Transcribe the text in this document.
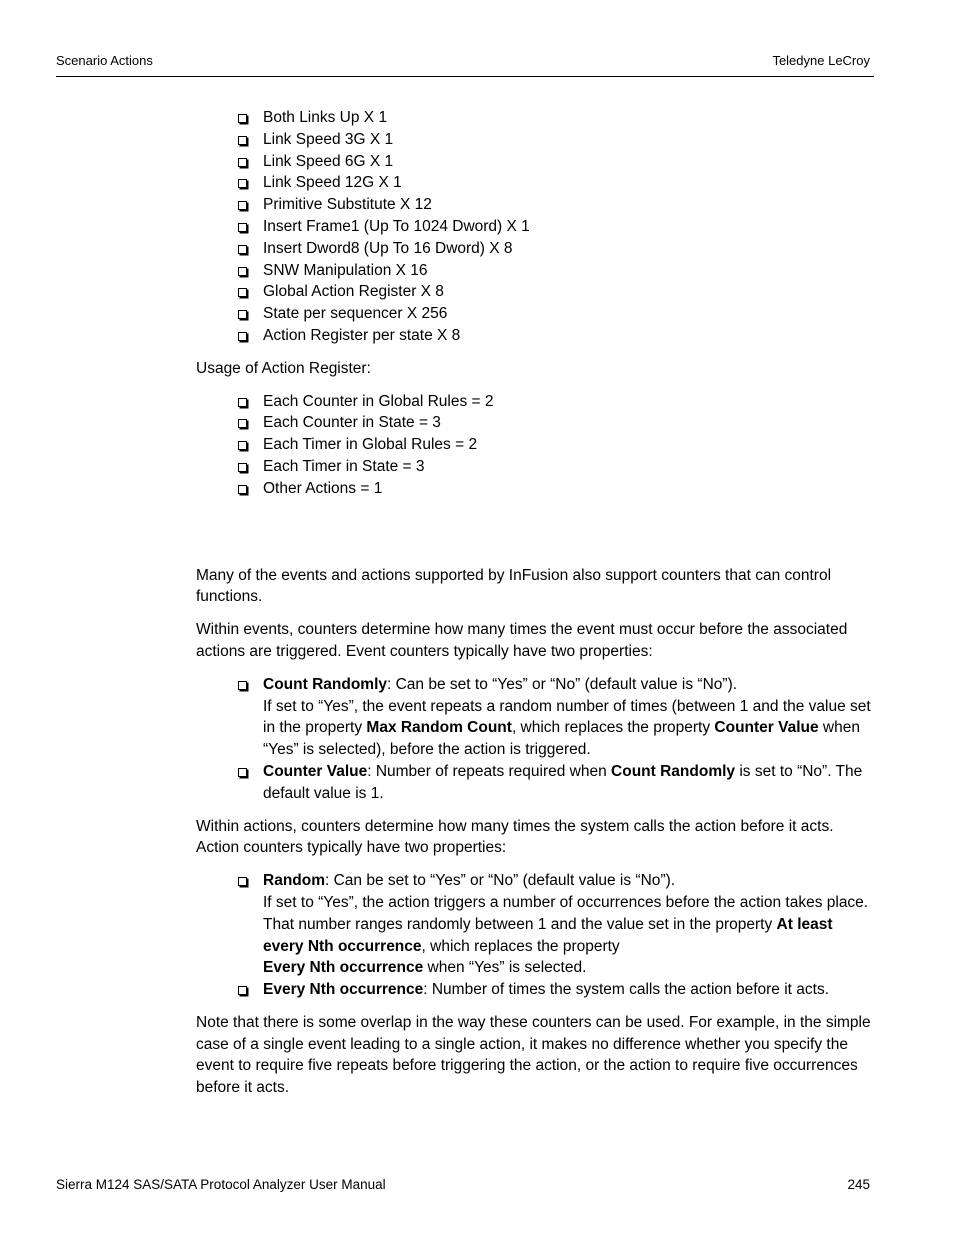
Scenario Actions	Teledyne LeCroy
Both Links Up X 1
Link Speed 3G X 1
Link Speed 6G X 1
Link Speed 12G X 1
Primitive Substitute X 12
Insert Frame1 (Up To 1024 Dword) X 1
Insert Dword8 (Up To 16 Dword) X 8
SNW Manipulation X 16
Global Action Register X 8
State per sequencer X 256
Action Register per state X 8

Usage of Action Register:

Each Counter in Global Rules = 2
Each Counter in State = 3
Each Timer in Global Rules = 2
Each Timer in State = 3
Other Actions = 1

Many of the events and actions supported by InFusion also support counters that can control functions.

Within events, counters determine how many times the event must occur before the associated actions are triggered. Event counters typically have two properties:

Count Randomly: Can be set to “Yes” or “No” (default value is “No”).
If set to “Yes”, the event repeats a random number of times (between 1 and the value set in the property Max Random Count, which replaces the property Counter Value when “Yes” is selected), before the action is triggered.
Counter Value: Number of repeats required when Count Randomly is set to “No”. The default value is 1.

Within actions, counters determine how many times the system calls the action before it acts. Action counters typically have two properties:

Random: Can be set to “Yes” or “No” (default value is “No”).
If set to “Yes”, the action triggers a number of occurrences before the action takes place. That number ranges randomly between 1 and the value set in the property At least every Nth occurrence, which replaces the property
Every Nth occurrence when “Yes” is selected.
Every Nth occurrence: Number of times the system calls the action before it acts.

Note that there is some overlap in the way these counters can be used. For example, in the simple case of a single event leading to a single action, it makes no difference whether you specify the event to require five repeats before triggering the action, or the action to require five occurrences before it acts.

Sierra M124 SAS/SATA Protocol Analyzer User Manual	245
